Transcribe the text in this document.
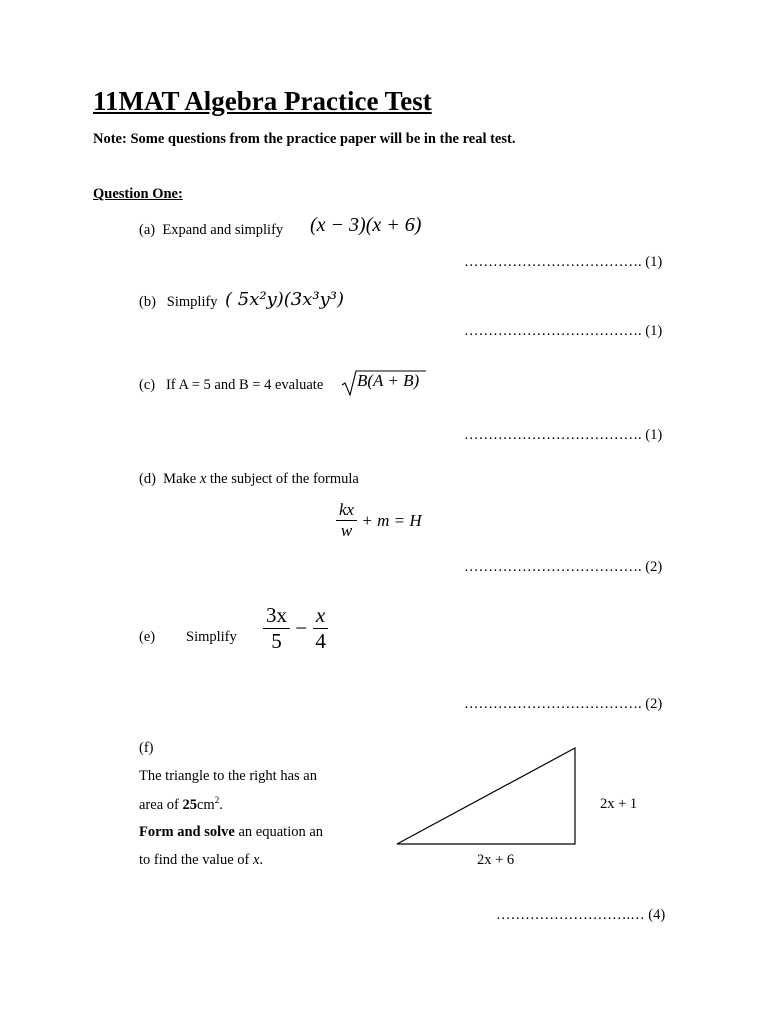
11MAT Algebra Practice Test
Note: Some questions from the practice paper will be in the real test.
Question One:
(a) Expand and simplify (x − 3)(x + 6)
………………………………. (1)
(b) Simplify ( 5x²y)(3x³y³)
………………………………. (1)
(c) If A = 5 and B = 4 evaluate B(A + B)
………………………………. (1)
(d) Make x the subject of the formula
$\frac{kx}{w} + m = H$
………………………………. (2)
(e) Simplify $\frac{3x}{5} - \frac{x}{4}$
………………………………. (2)
(f)
The triangle to the right has an
area of $25cm^2$.
Form and solve an equation an
to find the value of x.
2x + 1
2x + 6
……………………….… (4)
